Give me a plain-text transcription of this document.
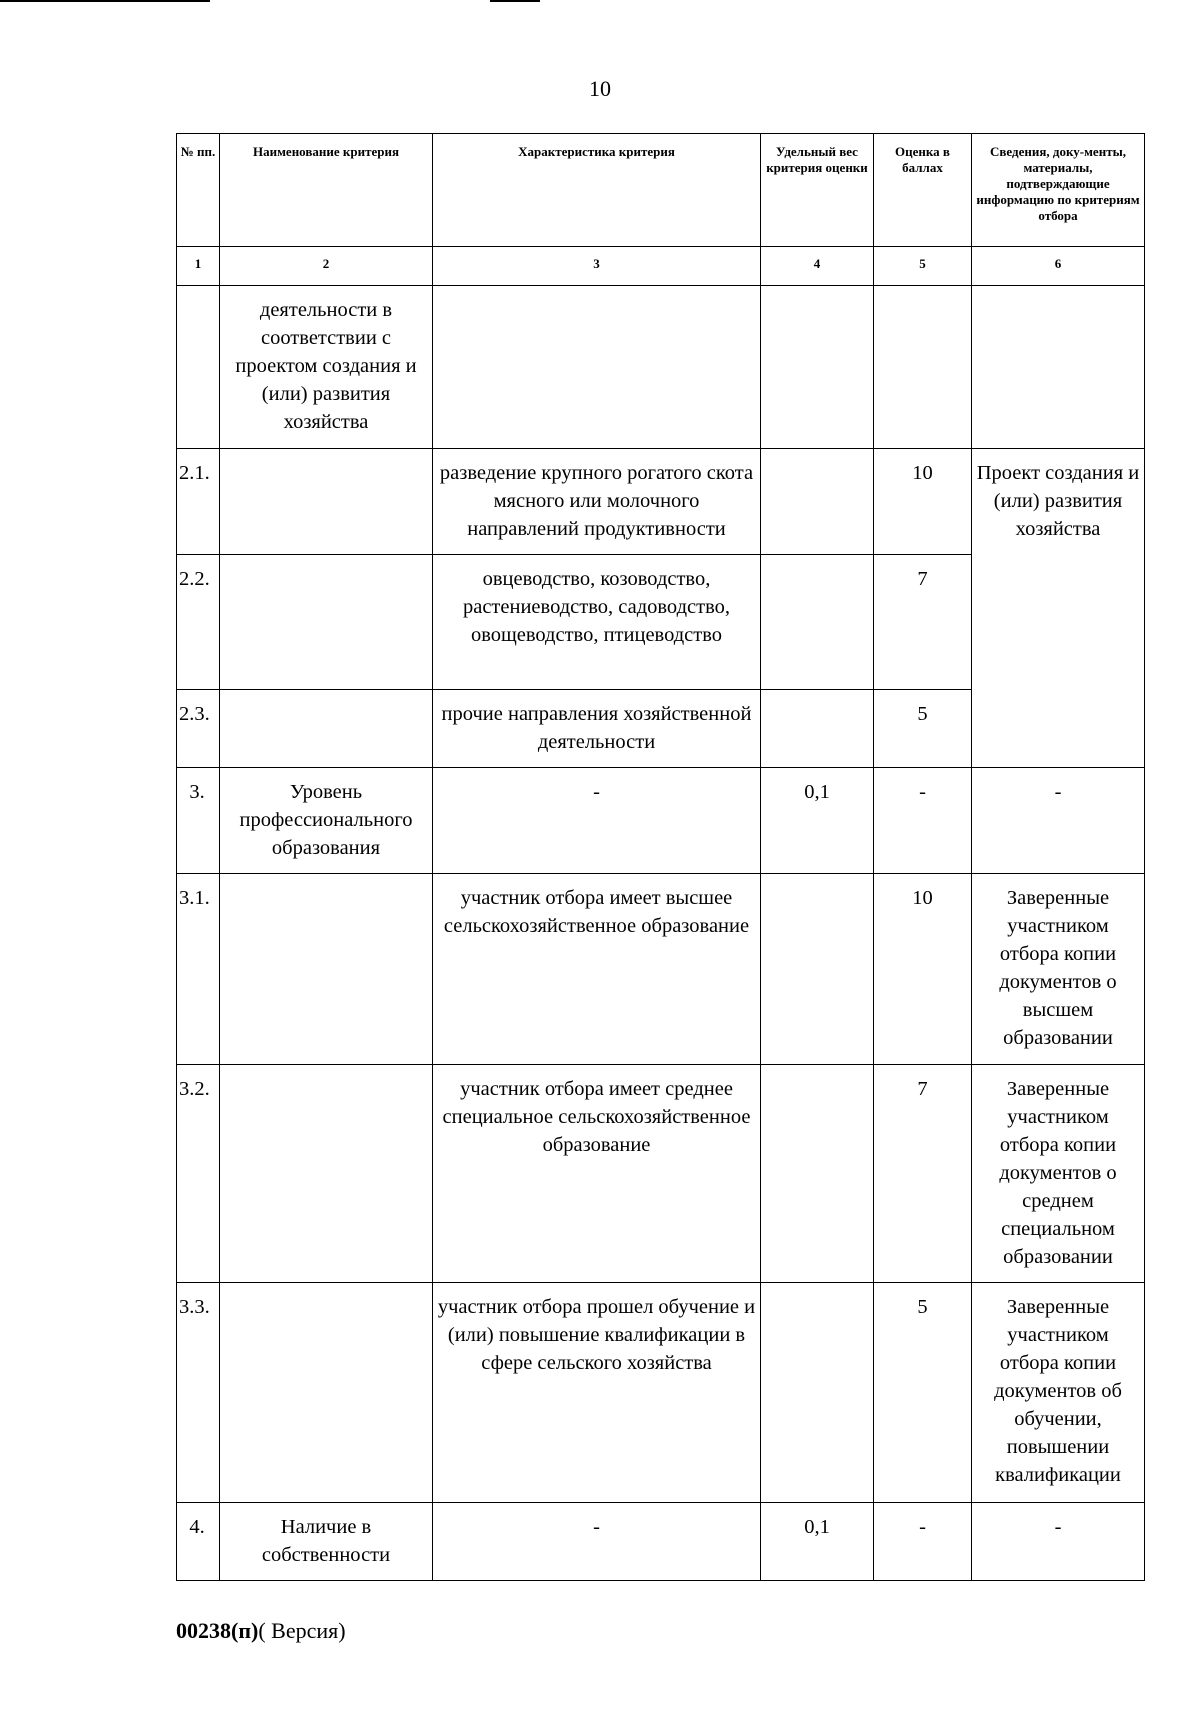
10
№ пп.	Наименование критерия	Характеристика критерия	Удельный вес критерия оценки	Оценка в баллах	Сведения, доку-менты, материалы, подтверждающие информацию по критериям отбора
1	2	3	4	5	6
	деятельности в соответствии с проектом создания и (или) развития хозяйства				
2.1.		разведение крупного рогатого скота мясного или молочного направлений продуктивности		10	Проект создания и (или) развития хозяйства
2.2.		овцеводство, козоводство, растениеводство, садоводство, овощеводство, птицеводство		7	
2.3.		прочие направления хозяйственной деятельности		5	
3.	Уровень профессионального образования	-	0,1	-	-
3.1.		участник отбора имеет высшее сельскохозяйственное образование		10	Заверенные участником отбора копии документов о высшем образовании
3.2.		участник отбора имеет среднее специальное сельскохозяйственное образование		7	Заверенные участником отбора копии документов о среднем специальном образовании
3.3.		участник отбора прошел обучение и (или) повышение квалификации в сфере сельского хозяйства		5	Заверенные участником отбора копии документов об обучении, повышении квалификации
4.	Наличие в собственности	-	0,1	-	-
00238(п)( Версия)
